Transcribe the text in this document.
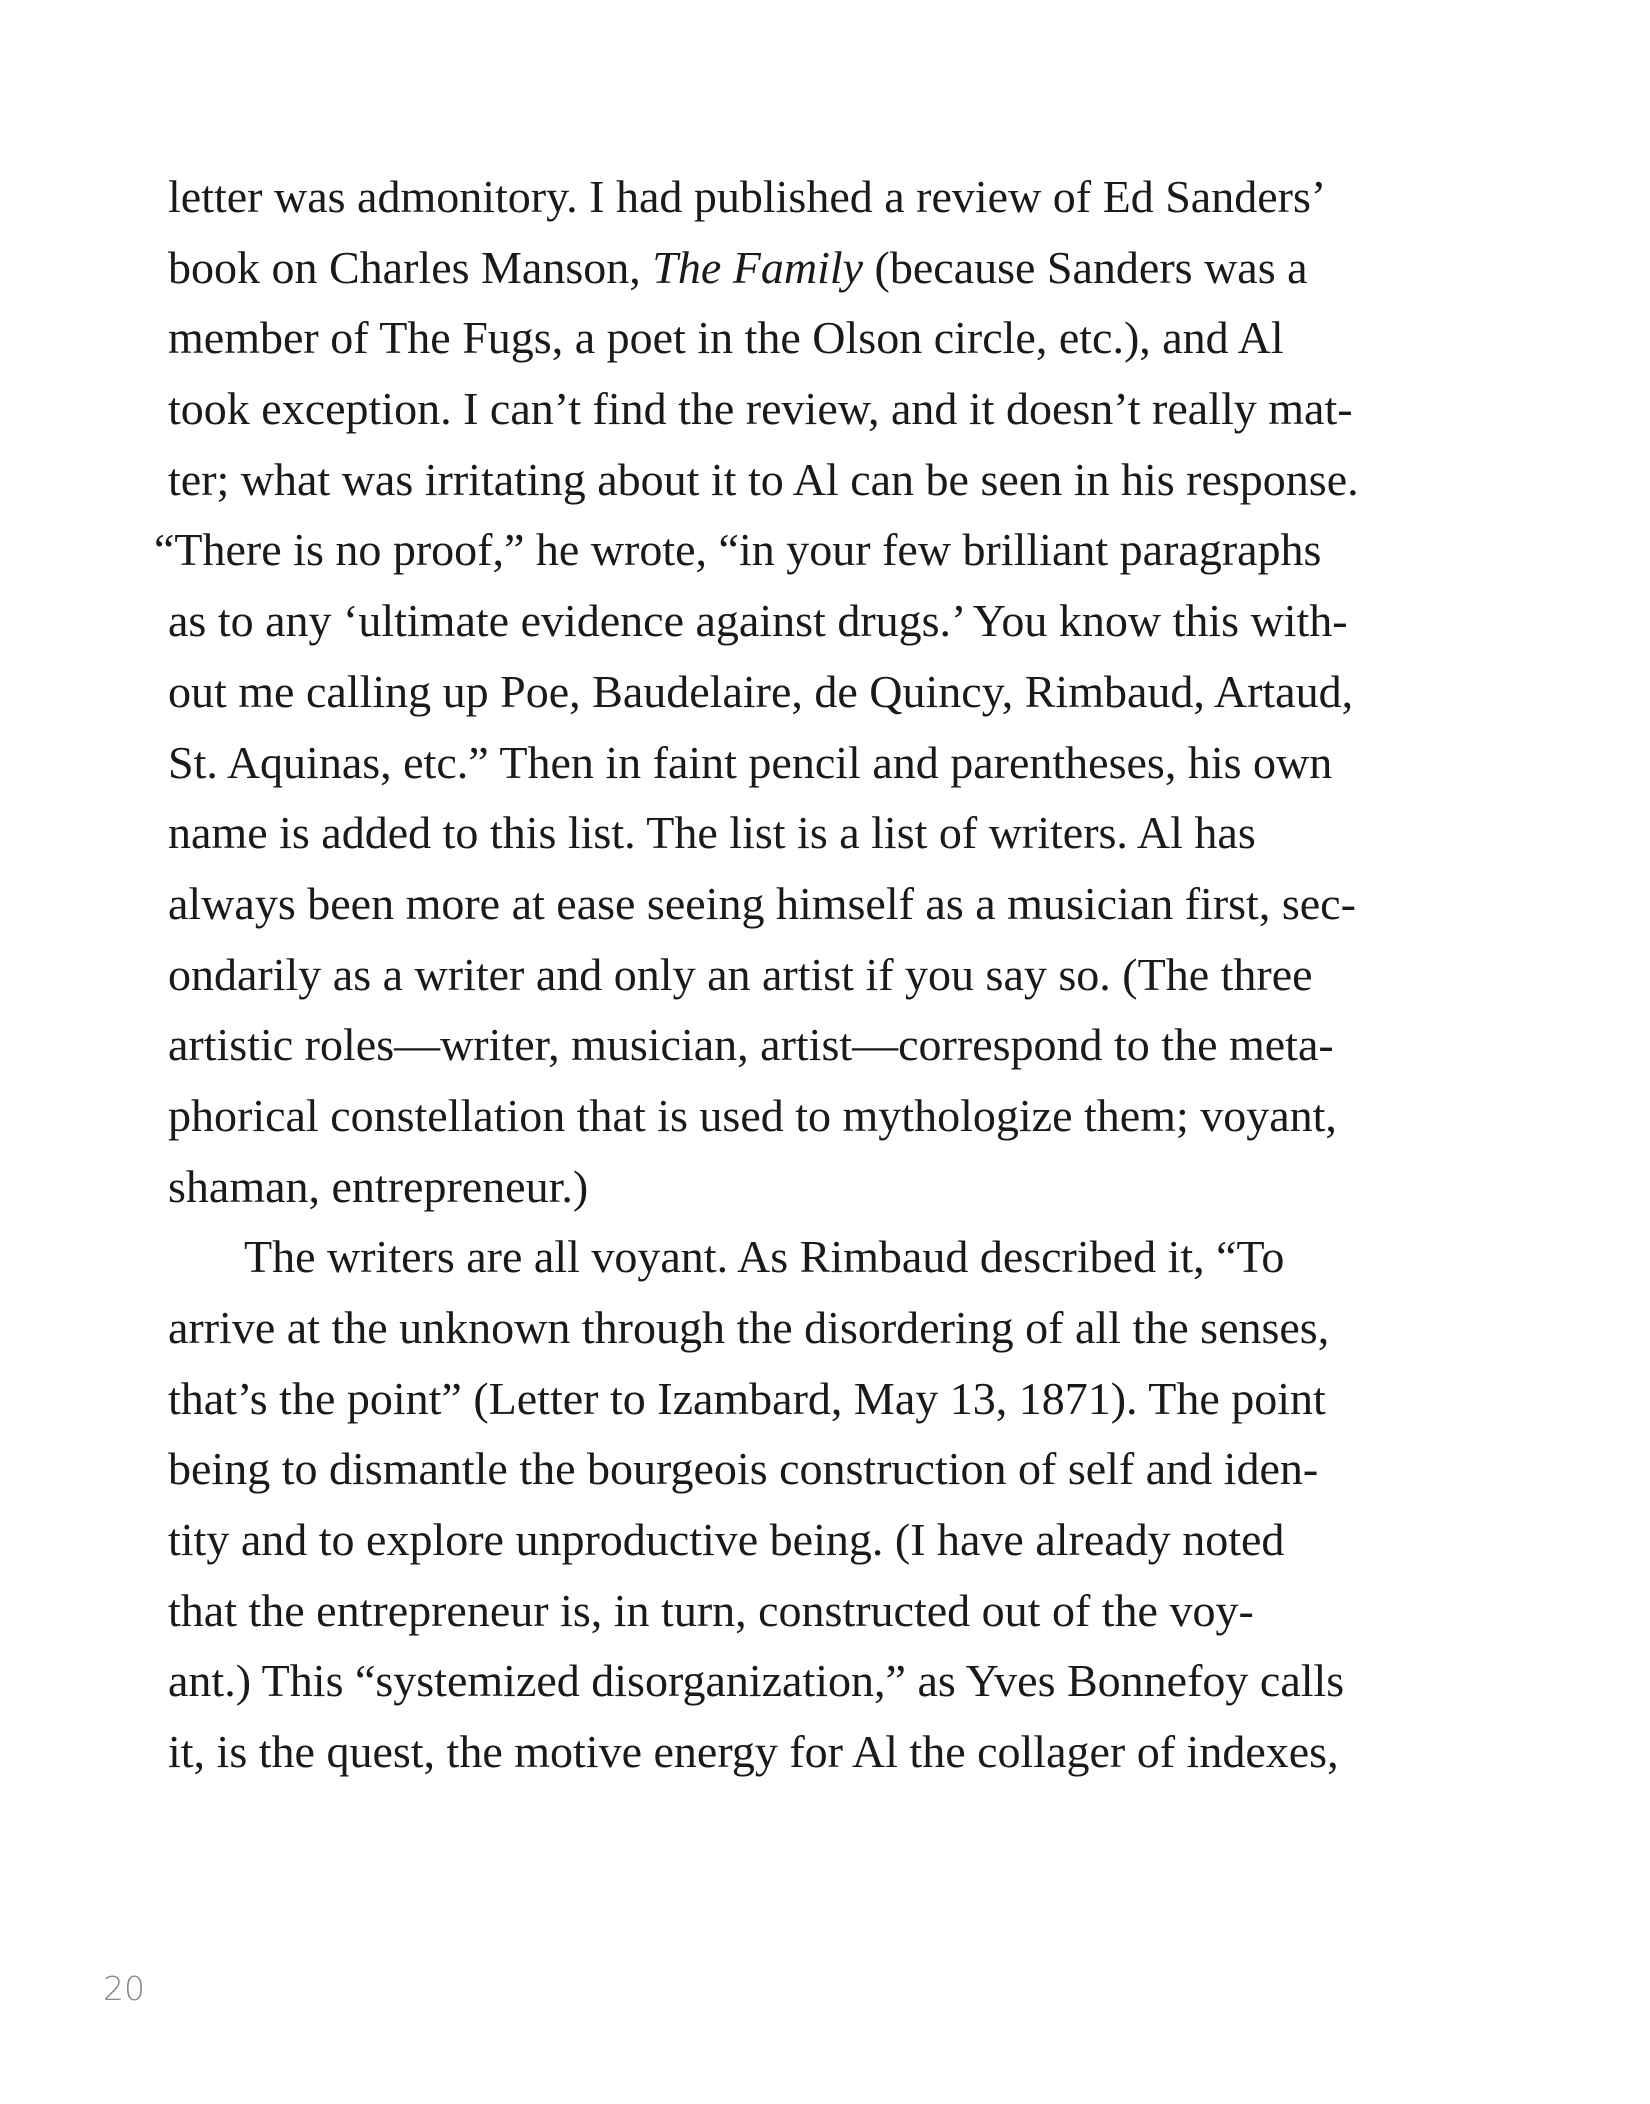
letter was admonitory. I had published a review of Ed Sanders’
book on Charles Manson, The Family (because Sanders was a
member of The Fugs, a poet in the Olson circle, etc.), and Al
took exception. I can’t find the review, and it doesn’t really mat-
ter; what was irritating about it to Al can be seen in his response.
“There is no proof,” he wrote, “in your few brilliant paragraphs
as to any ‘ultimate evidence against drugs.’ You know this with-
out me calling up Poe, Baudelaire, de Quincy, Rimbaud, Artaud,
St. Aquinas, etc.” Then in faint pencil and parentheses, his own
name is added to this list. The list is a list of writers. Al has
always been more at ease seeing himself as a musician first, sec-
ondarily as a writer and only an artist if you say so. (The three
artistic roles—writer, musician, artist—correspond to the meta-
phorical constellation that is used to mythologize them; voyant,
shaman, entrepreneur.)
The writers are all voyant. As Rimbaud described it, “To
arrive at the unknown through the disordering of all the senses,
that’s the point” (Letter to Izambard, May 13, 1871). The point
being to dismantle the bourgeois construction of self and iden-
tity and to explore unproductive being. (I have already noted
that the entrepreneur is, in turn, constructed out of the voy-
ant.) This “systemized disorganization,” as Yves Bonnefoy calls
it, is the quest, the motive energy for Al the collager of indexes,
20
